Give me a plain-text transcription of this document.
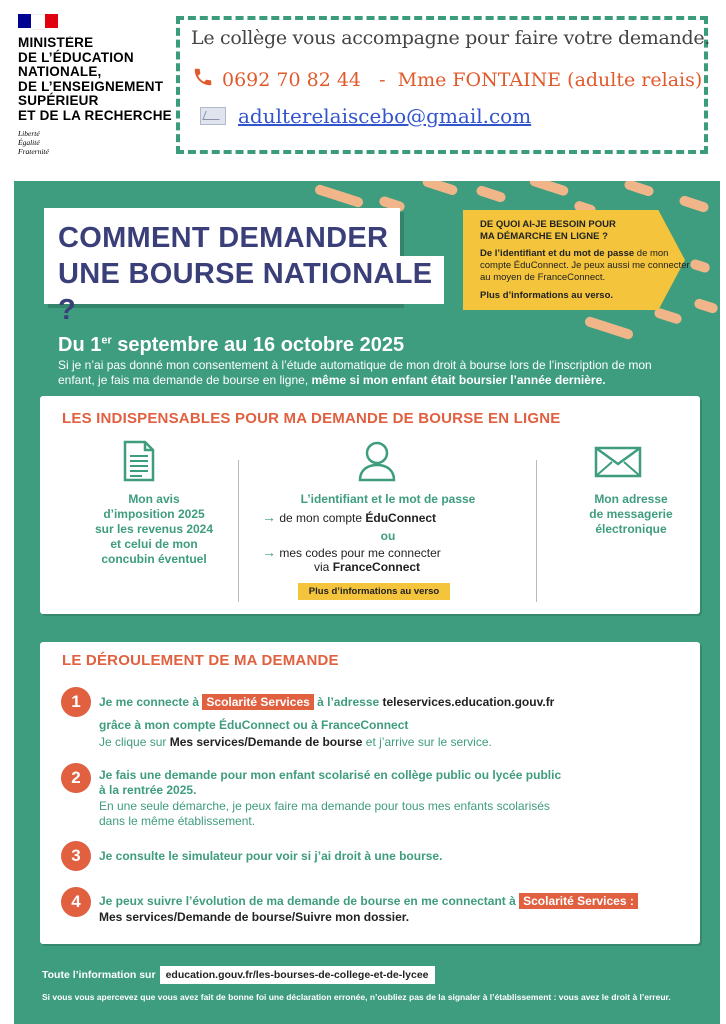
MINISTÈRE
DE L’ÉDUCATION
NATIONALE,
DE L’ENSEIGNEMENT
SUPÉRIEUR
ET DE LA RECHERCHE
Liberté
Égalité
Fraternité
Le collège vous accompagne pour faire votre demande.
0692 70 82 44   -  Mme FONTAINE (adulte relais)
adulterelaiscebo@gmail.com
COMMENT DEMANDER
UNE BOURSE NATIONALE ?
DE QUOI AI-JE BESOIN POUR
MA DÉMARCHE EN LIGNE ?
De l’identifiant et du mot de passe de mon compte ÉduConnect. Je peux aussi me connecter au moyen de FranceConnect.
Plus d’informations au verso.
Du 1er septembre au 16 octobre 2025
Si je n’ai pas donné mon consentement à l’étude automatique de mon droit à bourse lors de l’inscription de mon enfant, je fais ma demande de bourse en ligne, même si mon enfant était boursier l’année dernière.
LES INDISPENSABLES POUR MA DEMANDE DE BOURSE EN LIGNE
Mon avis
d’imposition 2025
sur les revenus 2024
et celui de mon
concubin éventuel
L’identifiant et le mot de passe
→ de mon compte ÉduConnect
ou
→ mes codes pour me connecter
via FranceConnect
Plus d’informations au verso
Mon adresse
de messagerie
électronique
LE DÉROULEMENT DE MA DEMANDE
1	Je me connecte à Scolarité Services à l’adresse teleservices.education.gouv.fr
grâce à mon compte ÉduConnect ou à FranceConnect
Je clique sur Mes services/Demande de bourse et j’arrive sur le service.
2	Je fais une demande pour mon enfant scolarisé en collège public ou lycée public
à la rentrée 2025.
En une seule démarche, je peux faire ma demande pour tous mes enfants scolarisés
dans le même établissement.
3	Je consulte le simulateur pour voir si j’ai droit à une bourse.
4	Je peux suivre l’évolution de ma demande de bourse en me connectant à Scolarité Services :
Mes services/Demande de bourse/Suivre mon dossier.
Toute l’information sur education.gouv.fr/les-bourses-de-college-et-de-lycee
Si vous vous apercevez que vous avez fait de bonne foi une déclaration erronée, n’oubliez pas de la signaler à l’établissement : vous avez le droit à l’erreur.
